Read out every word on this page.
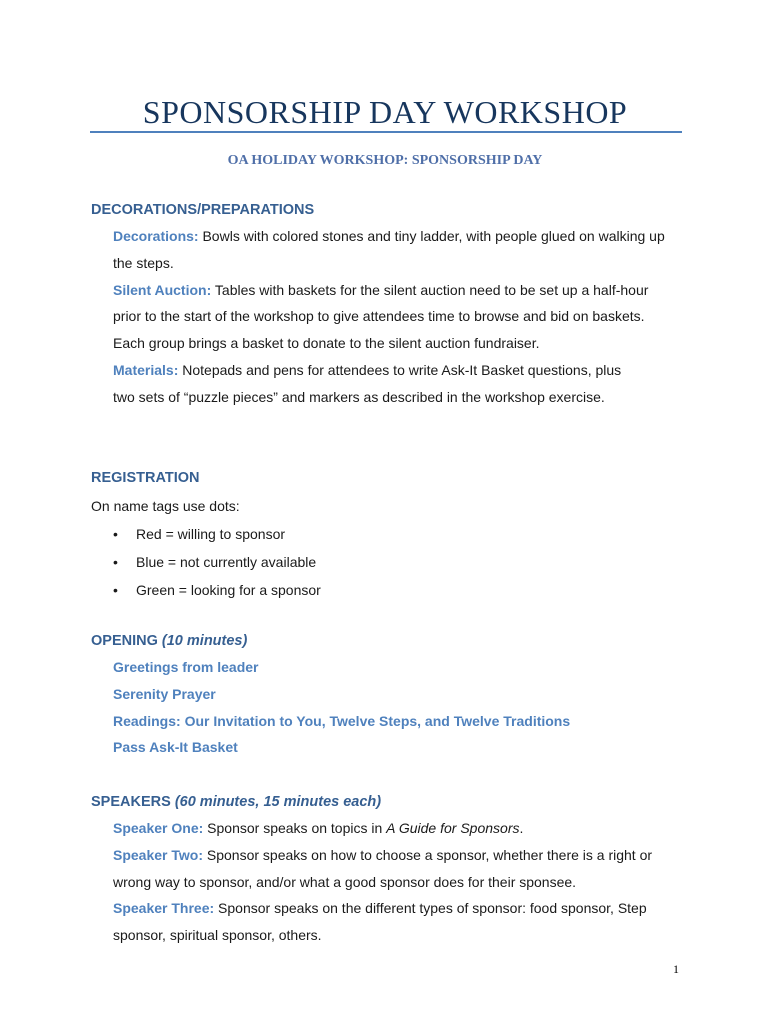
SPONSORSHIP DAY WORKSHOP
OA HOLIDAY WORKSHOP: SPONSORSHIP DAY
DECORATIONS/PREPARATIONS
Decorations: Bowls with colored stones and tiny ladder, with people glued on walking up the steps.
Silent Auction: Tables with baskets for the silent auction need to be set up a half-hour prior to the start of the workshop to give attendees time to browse and bid on baskets. Each group brings a basket to donate to the silent auction fundraiser.
Materials: Notepads and pens for attendees to write Ask-It Basket questions, plus two sets of “puzzle pieces” and markers as described in the workshop exercise.
REGISTRATION
On name tags use dots:
• Red = willing to sponsor
• Blue = not currently available
• Green = looking for a sponsor
OPENING (10 minutes)
Greetings from leader
Serenity Prayer
Readings: Our Invitation to You, Twelve Steps, and Twelve Traditions
Pass Ask-It Basket
SPEAKERS (60 minutes, 15 minutes each)
Speaker One: Sponsor speaks on topics in A Guide for Sponsors.
Speaker Two: Sponsor speaks on how to choose a sponsor, whether there is a right or wrong way to sponsor, and/or what a good sponsor does for their sponsee.
Speaker Three: Sponsor speaks on the different types of sponsor: food sponsor, Step sponsor, spiritual sponsor, others.
1
